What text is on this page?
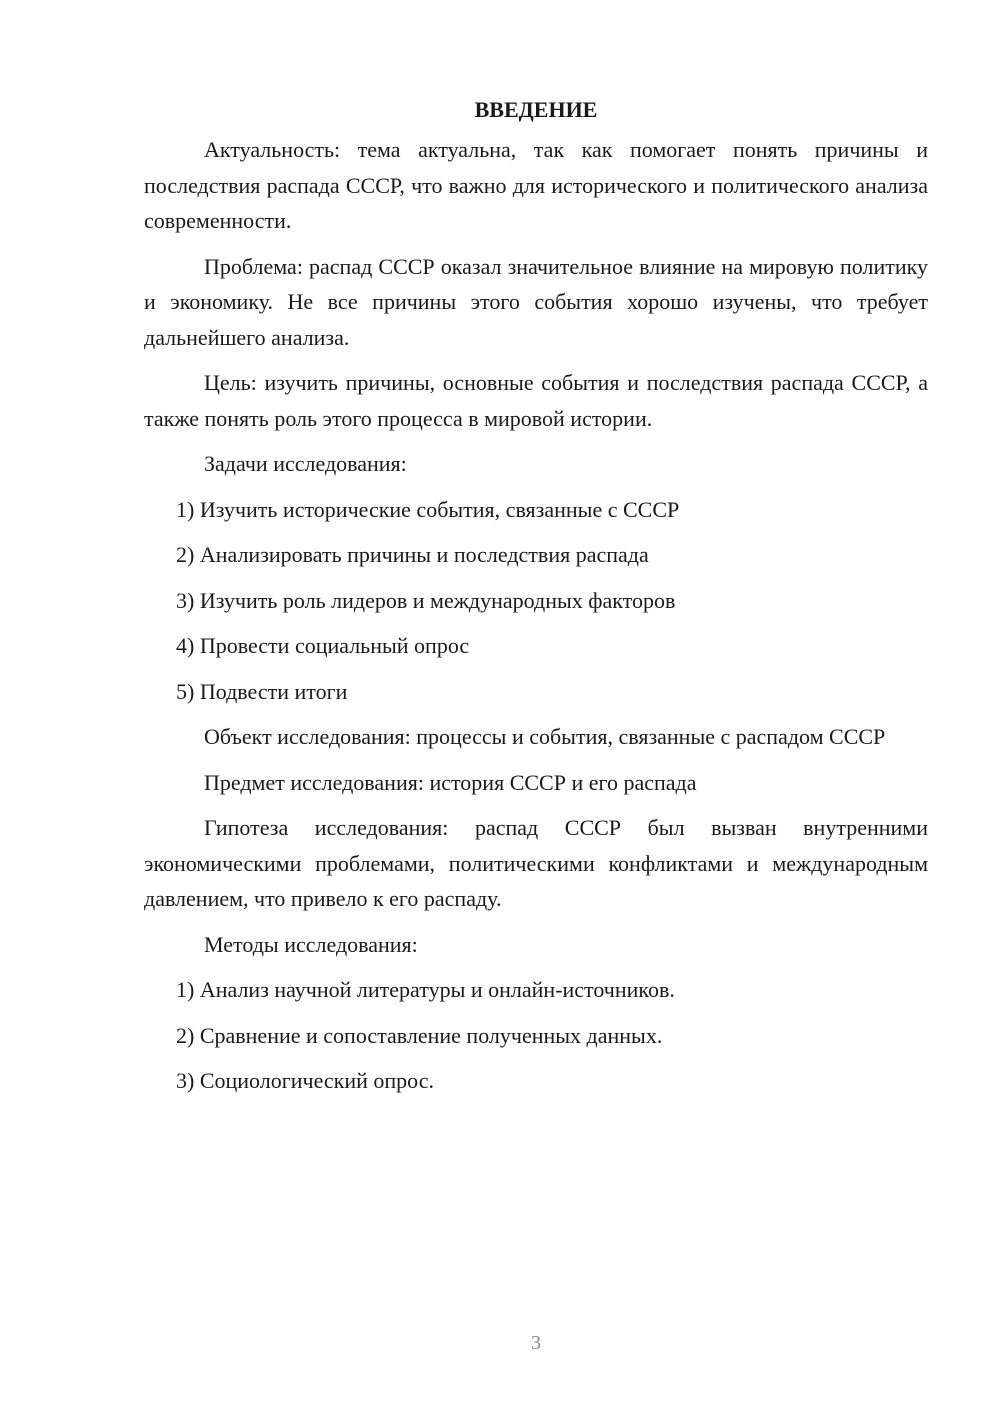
ВВЕДЕНИЕ

Актуальность: тема актуальна, так как помогает понять причины и последствия распада СССР, что важно для исторического и политического анализа современности.

Проблема: распад СССР оказал значительное влияние на мировую политику и экономику. Не все причины этого события хорошо изучены, что требует дальнейшего анализа.

Цель: изучить причины, основные события и последствия распада СССР, а также понять роль этого процесса в мировой истории.

Задачи исследования:

1) Изучить исторические события, связанные с СССР
2) Анализировать причины и последствия распада
3) Изучить роль лидеров и международных факторов
4) Провести социальный опрос
5) Подвести итоги

Объект исследования: процессы и события, связанные с распадом СССР

Предмет исследования: история СССР и его распада

Гипотеза исследования: распад СССР был вызван внутренними экономическими проблемами, политическими конфликтами и международным давлением, что привело к его распаду.

Методы исследования:

1) Анализ научной литературы и онлайн-источников.
2) Сравнение и сопоставление полученных данных.
3) Социологический опрос.
3
